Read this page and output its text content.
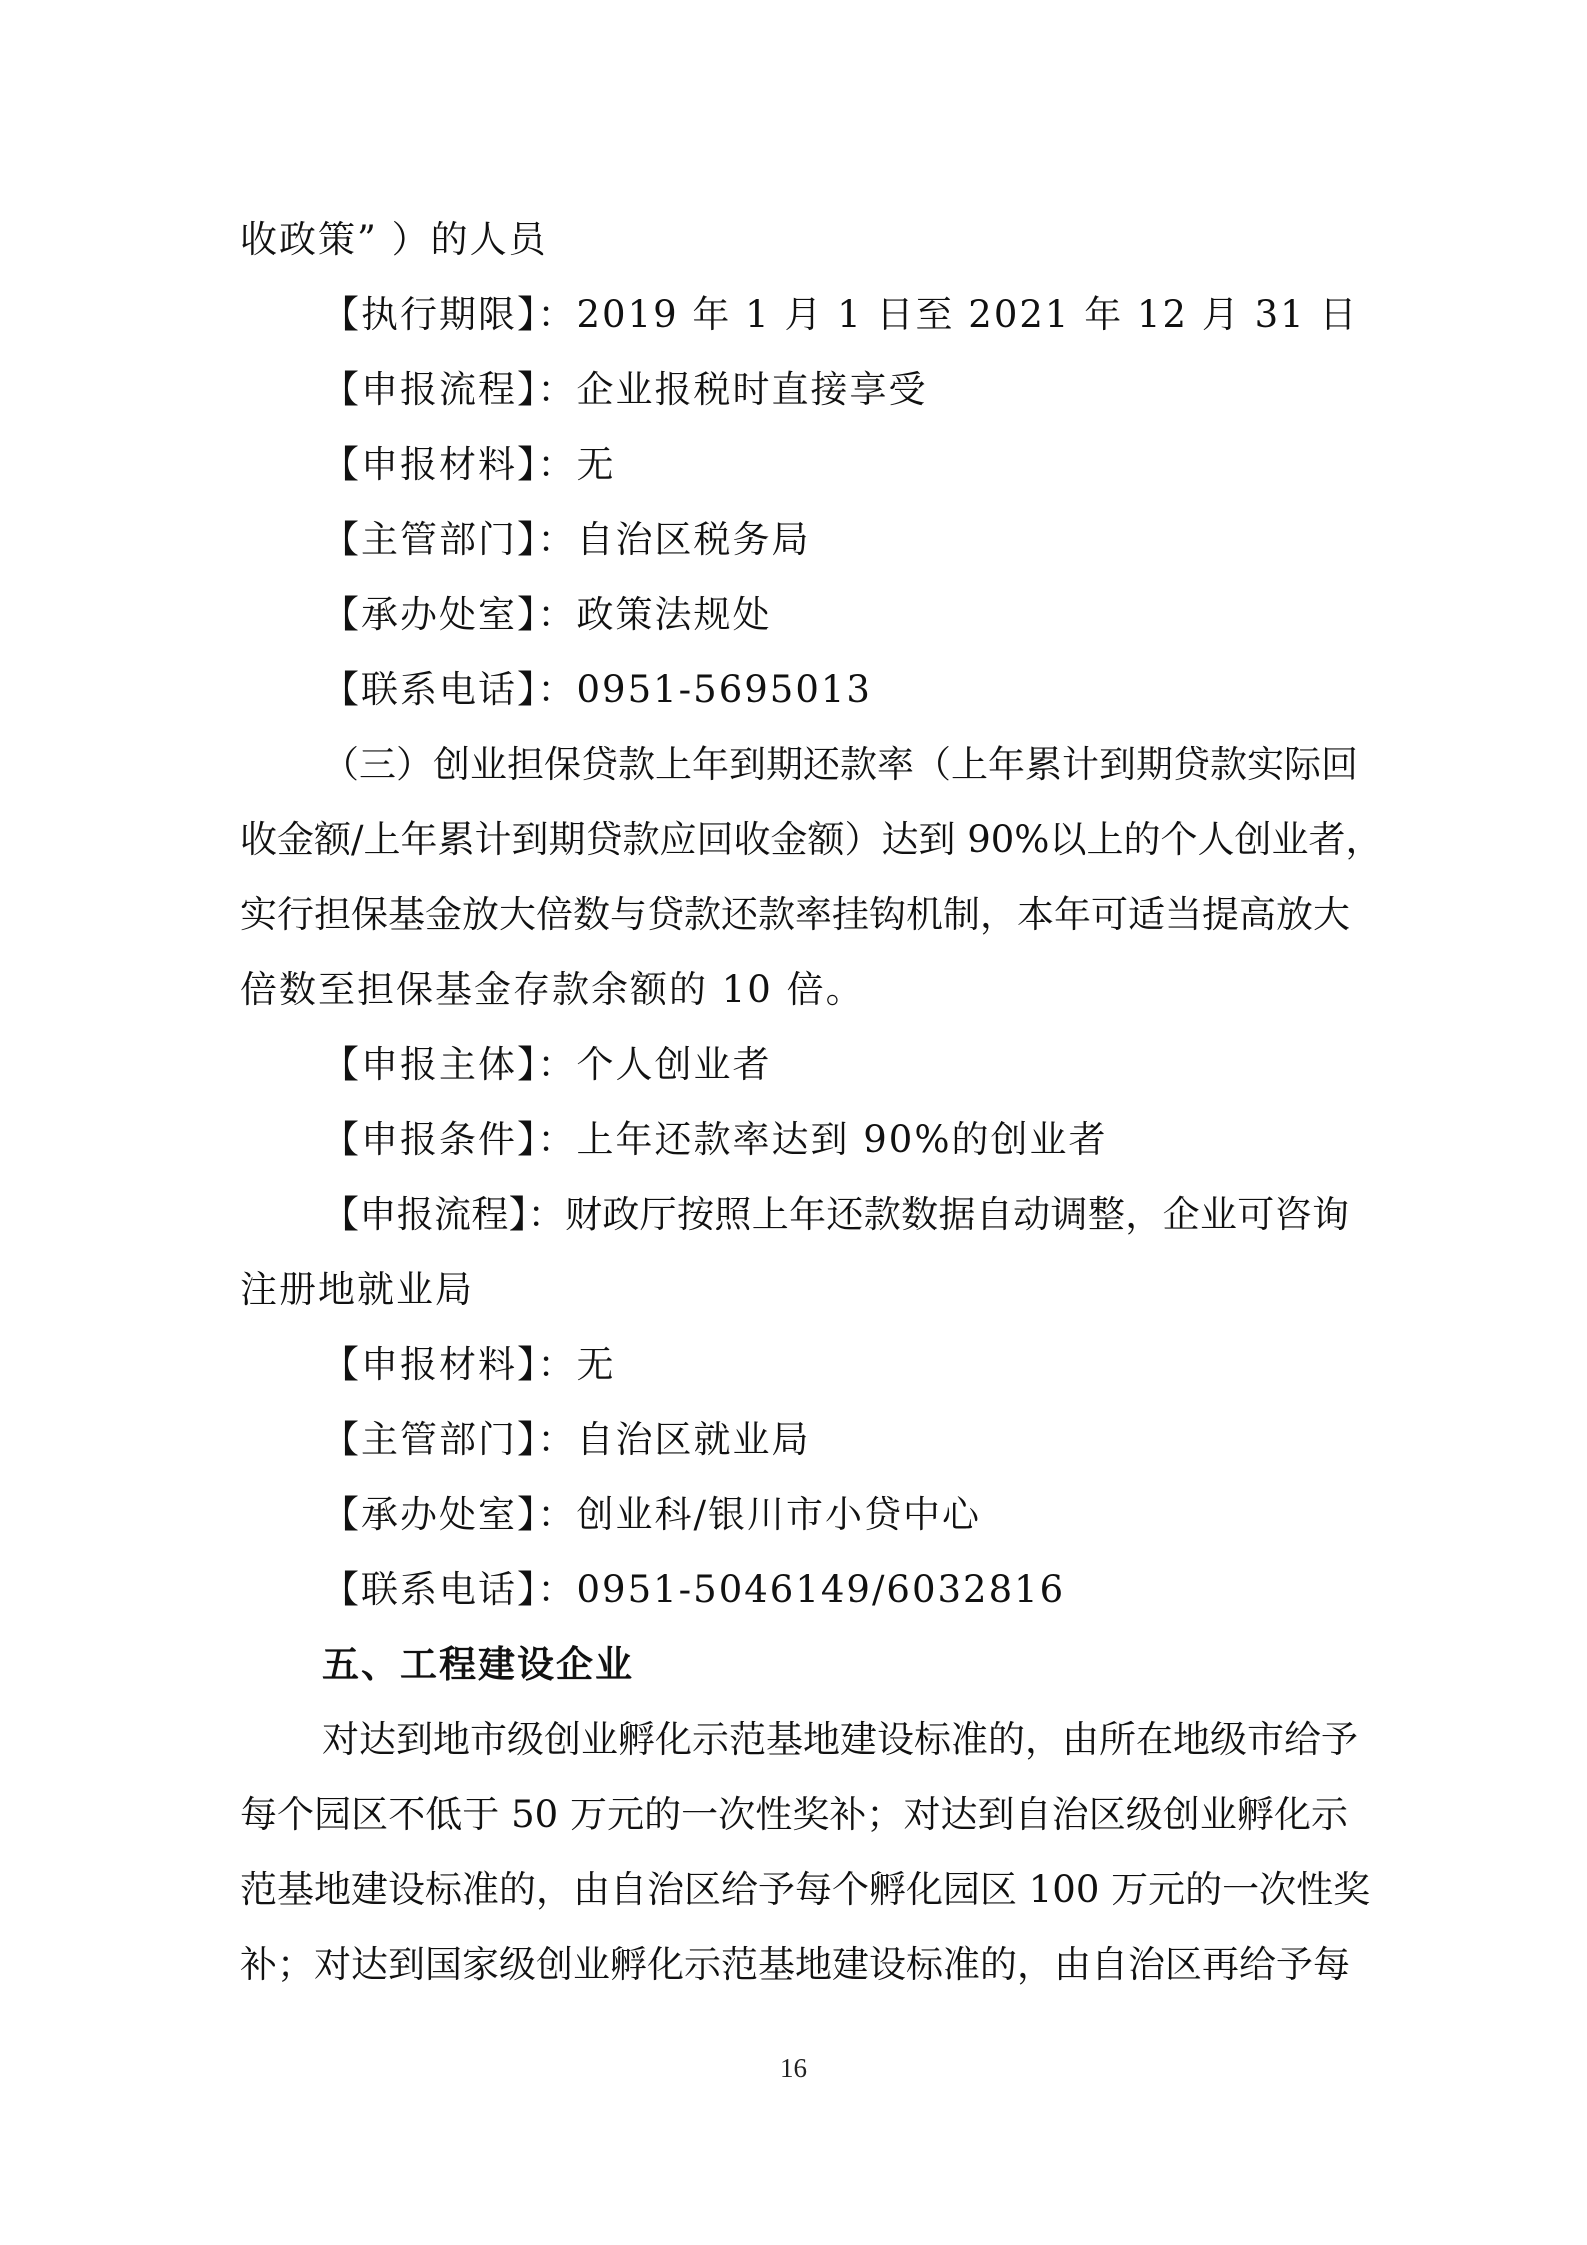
收政策” ）的人员
【执行期限】：2019 年 1 月 1 日至 2021 年 12 月 31 日
【申报流程】：企业报税时直接享受
【申报材料】：无
【主管部门】：自治区税务局
【承办处室】：政策法规处
【联系电话】：0951-5695013
（三）创业担保贷款上年到期还款率（上年累计到期贷款实际回
收金额/上年累计到期贷款应回收金额）达到 90%以上的个人创业者，
实行担保基金放大倍数与贷款还款率挂钩机制，本年可适当提高放大
倍数至担保基金存款余额的 10 倍。
【申报主体】：个人创业者
【申报条件】：上年还款率达到 90%的创业者
【申报流程】：财政厅按照上年还款数据自动调整，企业可咨询
注册地就业局
【申报材料】：无
【主管部门】：自治区就业局
【承办处室】：创业科/银川市小贷中心
【联系电话】：0951-5046149/6032816
五、工程建设企业
对达到地市级创业孵化示范基地建设标准的，由所在地级市给予
每个园区不低于 50 万元的一次性奖补；对达到自治区级创业孵化示
范基地建设标准的，由自治区给予每个孵化园区 100 万元的一次性奖
补；对达到国家级创业孵化示范基地建设标准的，由自治区再给予每
16
